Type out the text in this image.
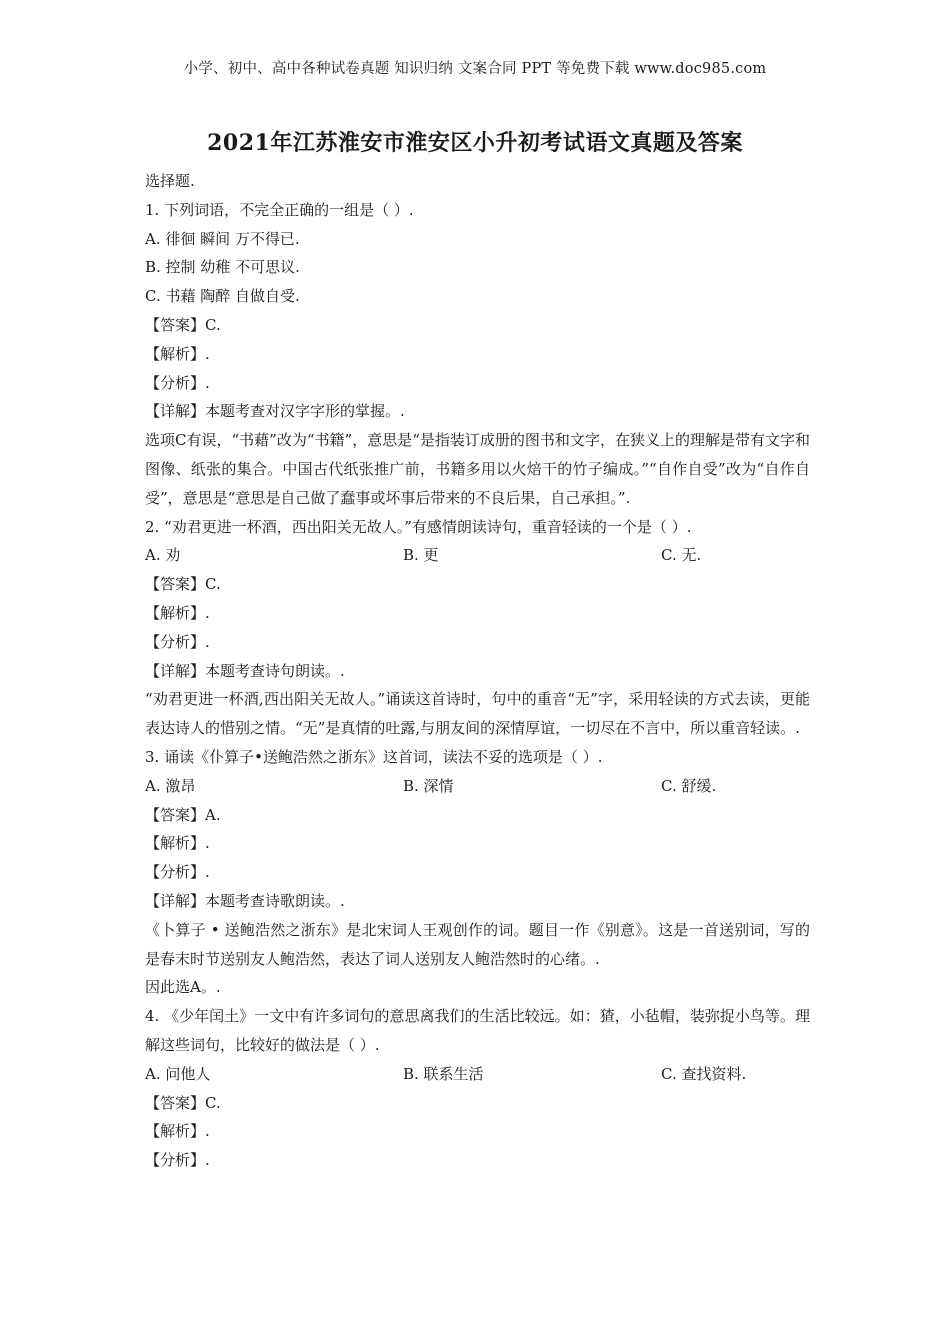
小学、初中、高中各种试卷真题 知识归纳 文案合同 PPT 等免费下载 www.doc985.com
2021年江苏淮安市淮安区小升初考试语文真题及答案
选择题.
1. 下列词语，不完全正确的一组是（ ）.
A. 徘徊 瞬间 万不得已.
B. 控制 幼稚 不可思议.
C. 书藉 陶醉 自做自受.
【答案】C.
【解析】.
【分析】.
【详解】本题考查对汉字字形的掌握。.
选项C有误，“书藉”改为“书籍”，意思是“是指装订成册的图书和文字，在狭义上的理解是带有文字和图像、纸张的集合。中国古代纸张推广前，书籍多用以火焙干的竹子编成。”“自作自受”改为“自作自受”，意思是“意思是自己做了蠢事或坏事后带来的不良后果，自己承担。”.
2. “劝君更进一杯酒，西出阳关无故人。”有感情朗读诗句，重音轻读的一个是（ ）.
A. 劝	B. 更	C. 无.
【答案】C.
【解析】.
【分析】.
【详解】本题考查诗句朗读。.
“劝君更进一杯酒,西出阳关无故人。”诵读这首诗时，句中的重音“无”字，采用轻读的方式去读，更能表达诗人的惜别之情。“无”是真情的吐露,与朋友间的深情厚谊，一切尽在不言中，所以重音轻读。.
3. 诵读《仆算子•送鲍浩然之浙东》这首词，读法不妥的选项是（ ）.
A. 激昂	B. 深情	C. 舒缓.
【答案】A.
【解析】.
【分析】.
【详解】本题考查诗歌朗读。.
《卜算子 • 送鲍浩然之浙东》是北宋词人王观创作的词。题目一作《别意》。这是一首送别词，写的是春末时节送别友人鲍浩然，表达了词人送别友人鲍浩然时的心绪。.
因此选A。.
4. 《少年闰土》一文中有许多词句的意思离我们的生活比较远。如：猹，小毡帽，装弥捉小鸟等。理解这些词句，比较好的做法是（ ）.
A. 问他人	B. 联系生活	C. 查找资料.
【答案】C.
【解析】.
【分析】.
